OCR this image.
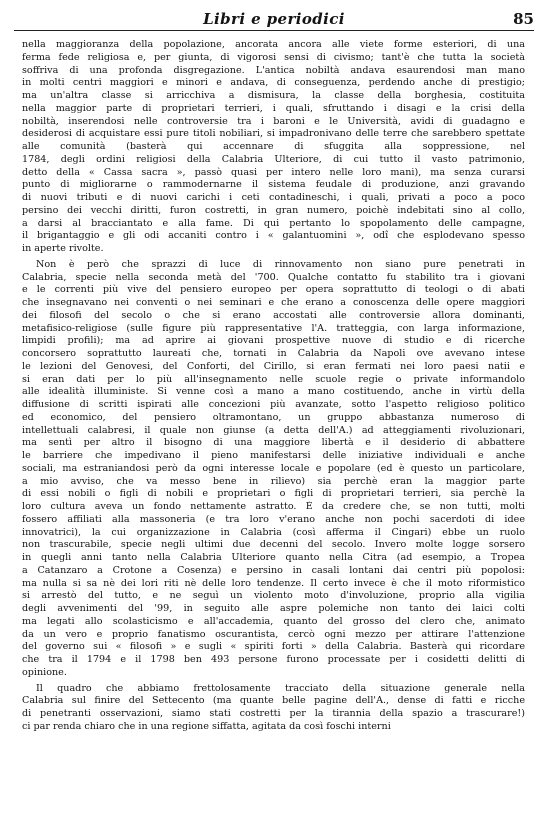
Libri e periodici	85
nella maggioranza della popolazione, ancorata ancora alle viete forme esteriori, di una
ferma fede religiosa e, per giunta, di vigorosi sensi di civismo; tant'è che tutta la società
soffriva di una profonda disgregazione. L'antica nobiltà andava esaurendosi man mano
in molti centri maggiori e minori e andava, di conseguenza, perdendo anche di prestigio;
ma un'altra classe si arricchiva a dismisura, la classe della borghesia, costituita
nella maggior parte di proprietari terrieri, i quali, sfruttando i disagi e la crisi della
nobiltà, inserendosi nelle controversie tra i baroni e le Università, avidi di guadagno e
desiderosi di acquistare essi pure titoli nobiliari, si impadronivano delle terre che sarebbero spettate
alle comunità (basterà qui accennare di sfuggita alla soppressione, nel
1784, degli ordini religiosi della Calabria Ulteriore, di cui tutto il vasto patrimonio,
detto della « Cassa sacra », passò quasi per intero nelle loro mani), ma senza curarsi
punto di migliorarne o rammodernarne il sistema feudale di produzione, anzi gravando
di nuovi tributi e di nuovi carichi i ceti contadineschi, i quali, privati a poco a poco
persino dei vecchi diritti, furon costretti, in gran numero, poichè indebitati sino al collo,
a darsi al bracciantato e alla fame. Di qui pertanto lo spopolamento delle campagne,
il brigantaggio e gli odi accaniti contro i « galantuomini », odî che esplodevano spesso
in aperte rivolte.
Non è però che sprazzi di luce di rinnovamento non siano pure penetrati in
Calabria, specie nella seconda metà del '700. Qualche contatto fu stabilito tra i giovani
e le correnti più vive del pensiero europeo per opera soprattutto di teologi o di abati
che insegnavano nei conventi o nei seminari e che erano a conoscenza delle opere maggiori
dei filosofi del secolo o che si erano accostati alle controversie allora dominanti,
metafisico-religiose (sulle figure più rappresentative l'A. tratteggia, con larga informazione,
limpidi profili); ma ad aprire ai giovani prospettive nuove di studio e di ricerche
concorsero soprattutto laureati che, tornati in Calabria da Napoli ove avevano intese
le lezioni del Genovesi, del Conforti, del Cirillo, si eran fermati nei loro paesi natii e
si eran dati per lo più all'insegnamento nelle scuole regie o private informandolo
alle idealità illuministe. Si venne così a mano a mano costituendo, anche in virtù della
diffusione di scritti ispirati alle concezioni più avanzate, sotto l'aspetto religioso politico
ed economico, del pensiero oltramontano, un gruppo abbastanza numeroso di
intellettuali calabresi, il quale non giunse (a detta dell'A.) ad atteggiamenti rivoluzionari,
ma sentì per altro il bisogno di una maggiore libertà e il desiderio di abbattere
le barriere che impedivano il pieno manifestarsi delle iniziative individuali e anche
sociali, ma estraniandosi però da ogni interesse locale e popolare (ed è questo un particolare,
a mio avviso, che va messo bene in rilievo) sia perchè eran la maggior parte
di essi nobili o figli di nobili e proprietari o figli di proprietari terrieri, sia perchè la
loro cultura aveva un fondo nettamente astratto. È da credere che, se non tutti, molti
fossero affiliati alla massoneria (e tra loro v'erano anche non pochi sacerdoti di idee
innovatrici), la cui organizzazione in Calabria (così afferma il Cingari) ebbe un ruolo
non trascurabile, specie negli ultimi due decenni del secolo. Invero molte logge sorsero
in quegli anni tanto nella Calabria Ulteriore quanto nella Citra (ad esempio, a Tropea
a Catanzaro a Crotone a Cosenza) e persino in casali lontani dai centri più popolosi:
ma nulla si sa nè dei lori riti nè delle loro tendenze. Il certo invece è che il moto riformistico
si arrestò del tutto, e ne seguì un violento moto d'involuzione, proprio alla vigilia
degli avvenimenti del '99, in seguito alle aspre polemiche non tanto dei laici colti
ma legati allo scolasticismo e all'accademia, quanto del grosso del clero che, animato
da un vero e proprio fanatismo oscurantista, cercò ogni mezzo per attirare l'attenzione
del governo sui « filosofi » e sugli « spiriti forti » della Calabria. Basterà qui ricordare
che tra il 1794 e il 1798 ben 493 persone furono processate per i cosidetti delitti di
opinione.
Il quadro che abbiamo frettolosamente tracciato della situazione generale nella
Calabria sul finire del Settecento (ma quante belle pagine dell'A., dense di fatti e ricche
di penetranti osservazioni, siamo stati costretti per la tirannia della spazio a trascurare!)
ci par renda chiaro che in una regione siffatta, agitata da così foschi interni
